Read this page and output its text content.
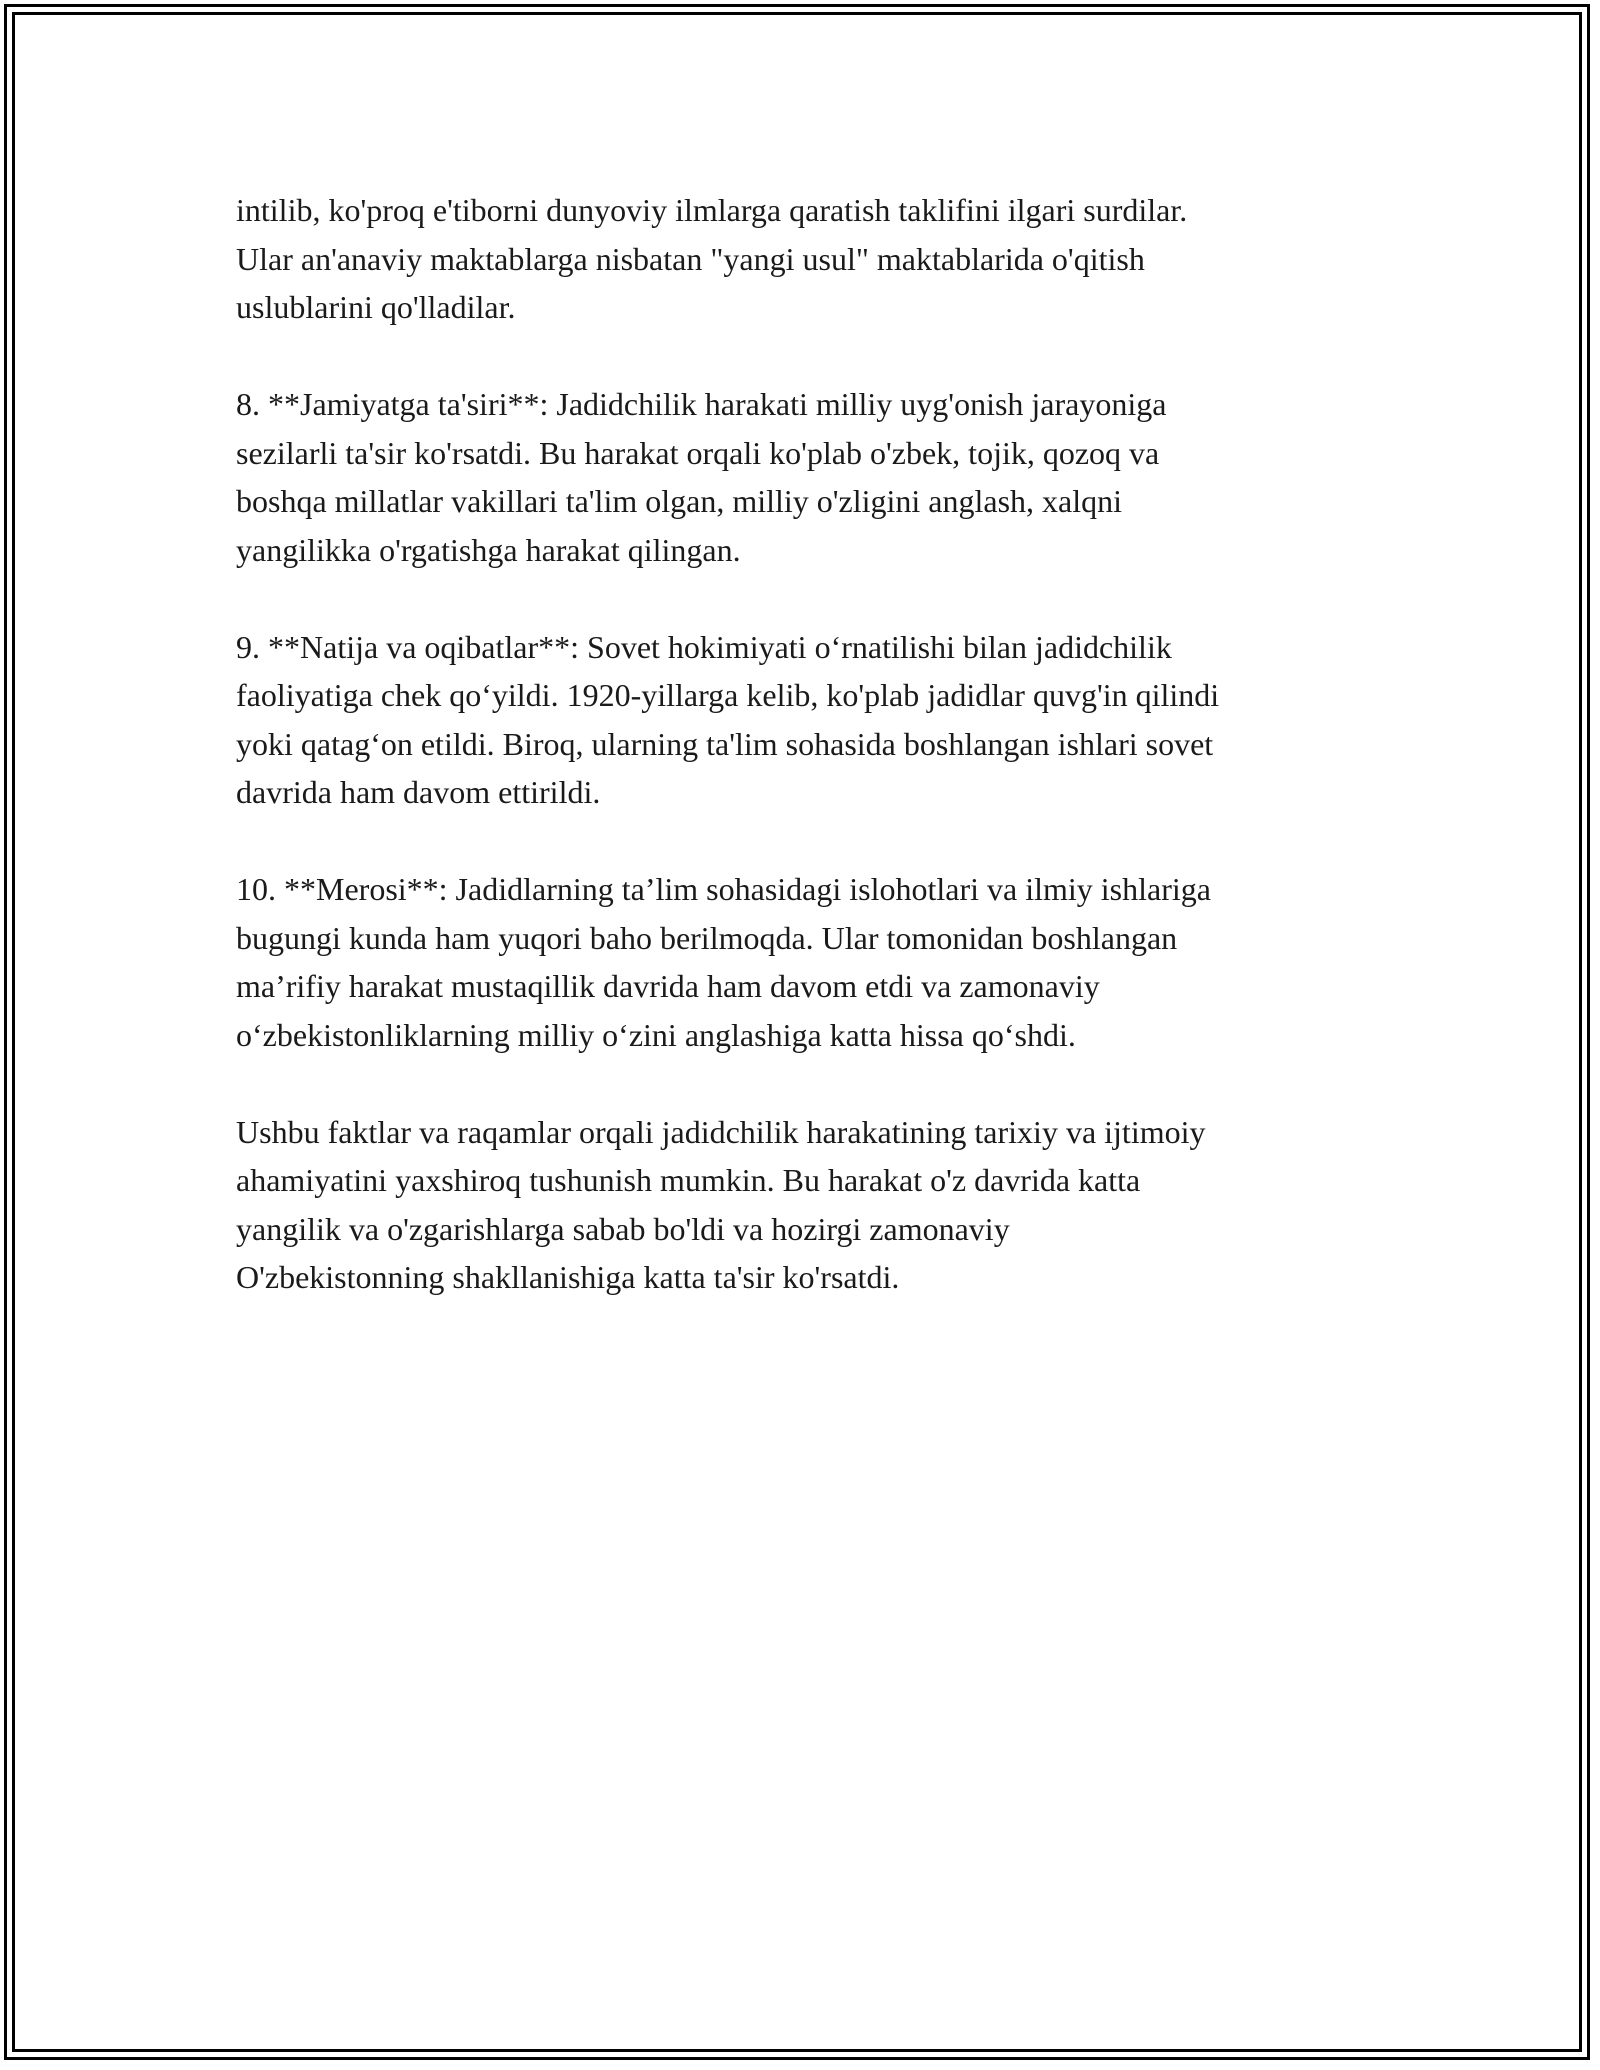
intilib, ko'proq e'tiborni dunyoviy ilmlarga qaratish taklifini ilgari surdilar.
Ular an'anaviy maktablarga nisbatan "yangi usul" maktablarida o'qitish
uslublarini qo'lladilar.

8. **Jamiyatga ta'siri**: Jadidchilik harakati milliy uyg'onish jarayoniga
sezilarli ta'sir ko'rsatdi. Bu harakat orqali ko'plab o'zbek, tojik, qozoq va
boshqa millatlar vakillari ta'lim olgan, milliy o'zligini anglash, xalqni
yangilikka o'rgatishga harakat qilingan.

9. **Natija va oqibatlar**: Sovet hokimiyati o‘rnatilishi bilan jadidchilik
faoliyatiga chek qo‘yildi. 1920-yillarga kelib, ko'plab jadidlar quvg'in qilindi
yoki qatag‘on etildi. Biroq, ularning ta'lim sohasida boshlangan ishlari sovet
davrida ham davom ettirildi.

10. **Merosi**: Jadidlarning ta’lim sohasidagi islohotlari va ilmiy ishlariga
bugungi kunda ham yuqori baho berilmoqda. Ular tomonidan boshlangan
ma’rifiy harakat mustaqillik davrida ham davom etdi va zamonaviy
o‘zbekistonliklarning milliy o‘zini anglashiga katta hissa qo‘shdi.

Ushbu faktlar va raqamlar orqali jadidchilik harakatining tarixiy va ijtimoiy
ahamiyatini yaxshiroq tushunish mumkin. Bu harakat o'z davrida katta
yangilik va o'zgarishlarga sabab bo'ldi va hozirgi zamonaviy
O'zbekistonning shakllanishiga katta ta'sir ko'rsatdi.
